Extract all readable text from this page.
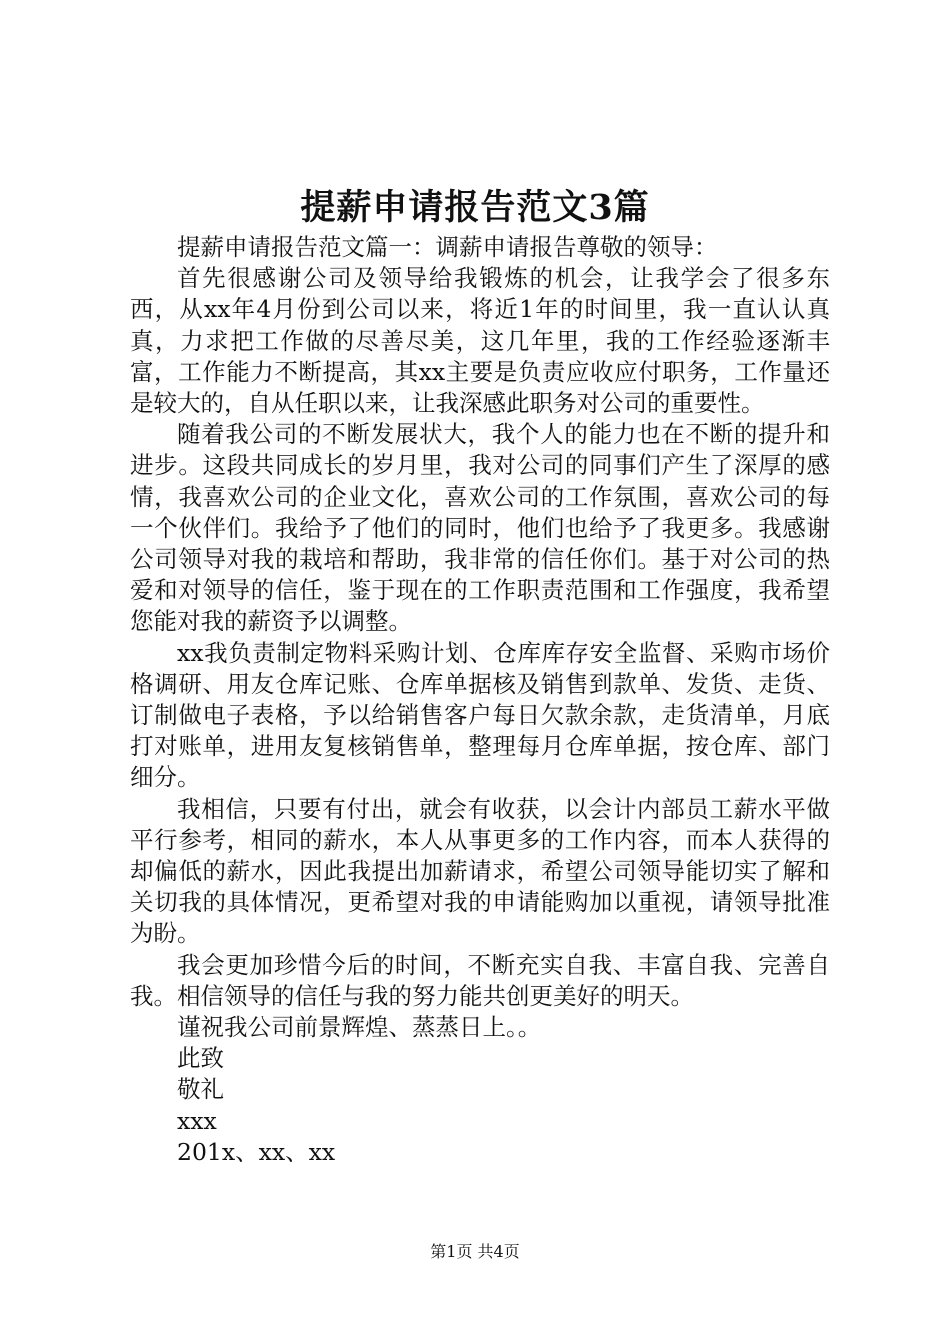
提薪申请报告范文3篇

提薪申请报告范文篇一：调薪申请报告尊敬的领导：

首先很感谢公司及领导给我锻炼的机会，让我学会了很多东西，从xx年4月份到公司以来，将近1年的时间里，我一直认认真真，力求把工作做的尽善尽美，这几年里，我的工作经验逐渐丰富，工作能力不断提高，其xx主要是负责应收应付职务，工作量还是较大的，自从任职以来，让我深感此职务对公司的重要性。

随着我公司的不断发展状大，我个人的能力也在不断的提升和进步。这段共同成长的岁月里，我对公司的同事们产生了深厚的感情，我喜欢公司的企业文化，喜欢公司的工作氛围，喜欢公司的每一个伙伴们。我给予了他们的同时，他们也给予了我更多。我感谢公司领导对我的栽培和帮助，我非常的信任你们。基于对公司的热爱和对领导的信任，鉴于现在的工作职责范围和工作强度，我希望您能对我的薪资予以调整。

xx我负责制定物料采购计划、仓库库存安全监督、采购市场价格调研、用友仓库记账、仓库单据核及销售到款单、发货、走货、订制做电子表格，予以给销售客户每日欠款余款，走货清单，月底打对账单，进用友复核销售单，整理每月仓库单据，按仓库、部门细分。

我相信，只要有付出，就会有收获，以会计内部员工薪水平做平行参考，相同的薪水，本人从事更多的工作内容，而本人获得的却偏低的薪水，因此我提出加薪请求，希望公司领导能切实了解和关切我的具体情况，更希望对我的申请能购加以重视，请领导批准为盼。

我会更加珍惜今后的时间，不断充实自我、丰富自我、完善自我。相信领导的信任与我的努力能共创更美好的明天。

谨祝我公司前景辉煌、蒸蒸日上。。

此致

敬礼

xxx

201x、xx、xx

第1页 共4页
